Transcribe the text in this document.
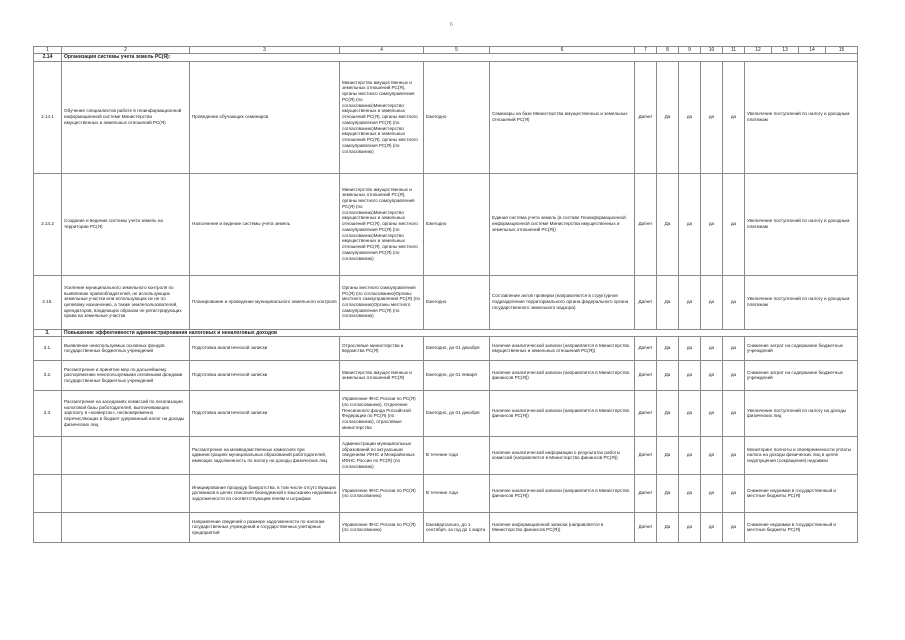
6
1	2	3	4	5	6	7	8	9	10	11	12	13	14	15
2.14	Организация системы учета земель РС(Я):													
2.14.1	Обучение специалистов работе в геоинформационной информационной системе Министерства имущественных и земельных отношений РС(Я)	Проведение обучающих семинаров	Министерство имущественных и земельных отношений РС(Я), органы местного самоуправления РС(Я) (по согласованию)Министерство имущественных и земельных отношений РС(Я), органы местного самоуправления РС(Я) (по согласованию)Министерство имущественных и земельных отношений РС(Я), органы местного самоуправления РС(Я) (по согласованию)	Ежегодно	Семинары на базе Министерства имущественных и земельных отношений РС(Я)	Да/нет	Да	да	да	да	Увеличение поступлений по налогу и доходным платежам			
2.14.2	Создание и ведение системы учета земель на территории РС(Я)	Наполнение и ведение системы учета земель	Министерство имущественных и земельных отношений РС(Я), органы местного самоуправления РС(Я) (по согласованию)Министерство имущественных и земельных отношений РС(Я), органы местного самоуправления РС(Я) (по согласованию)Министерство имущественных и земельных отношений РС(Я), органы местного самоуправления РС(Я) (по согласованию)	Ежегодно	Единая система учета земель (в составе Геоинформационной информационной системе Министерства имущественных и земельных отношений РС(Я))	Да/нет	Да	да	да	да	Увеличение поступлений по налогу и доходным платежам			
2.15.	Усиление муниципального земельного контроля по выявлению правообладателей, не использующих земельные участки или использующих их не по целевому назначению, а также землепользователей, арендаторов, владеющих образом не регистрирующих права на земельные участки	Планирование и проведение муниципального земельного контроля	Органы местного самоуправления РС(Я) (по согласованию)Органы местного самоуправления РС(Я) (по согласованию)Органы местного самоуправления РС(Я) (по согласованию)	Ежегодно	Составление актов проверки (направляются в структурное подразделение территориального органа федерального органа государственного земельного надзора)	Да/нет	Да	да	да	да	Увеличение поступлений по налогу и доходным платежам			
3.	Повышение эффективности администрирования налоговых и неналоговых доходов													
3.1.	Выявление неиспользуемых основных фондов государственных бюджетных учреждений	Подготовка аналитической записки	Отраслевые министерства и ведомства РС(Я)	Ежегодно, до 01 декабря	Наличие аналитической записки (направляется в Министерство имущественных и земельных отношений РС(Я))	Да/нет	Да	да	да	да	Снижение затрат на содержание бюджетных учреждений			
3.2.	Рассмотрение и принятие мер по дальнейшему распоряжению неиспользуемыми основными фондами государственных бюджетных учреждений	Подготовка аналитической записки	Министерство имущественных и земельных отношений РС(Я)	Ежегодно, до 01 января	Наличие аналитической записки (направляется в Министерство финансов РС(Я))	Да/нет	Да	да	да	да	Снижение затрат на содержание бюджетных учреждений			
3.3.	Рассмотрение на заседаниях комиссий по легализации налоговой базы работодателей, выплачивающих зарплату в «конвертах», несвоевременно перечисляющих в бюджет удержанный налог на доходы физических лиц	Подготовка аналитической записки	Управление ФНС России по РС(Я) (по согласованию), Отделение Пенсионного фонда Российской Федерации по РС(Я) (по согласованию), отраслевые министерства	Ежегодно, до 01 декабря	Наличие аналитической записки (направляется в Министерство финансов РС(Я))	Да/нет	Да	да	да	да	Увеличение поступлений по налогу на доходы физических лиц			
		Рассмотрение на межведомственных комиссиях при администрациях муниципальных образований работодателей, имеющих задолженность по налогу на доходы физических лиц	Администрации муниципальных образований по актуальным сведениям УФНС и Межрайонных ИФНС России по РС(Я) (по согласованию)	В течение года	Наличие аналитической информации о результатах работы комиссий (направляется в Министерство финансов РС(Я))	Да/нет	Да	да	да	да	Мониторинг полноты и своевременности уплаты налога на доходы физических лиц в целях недопущения (сокращения) недоимки			
		Инициирование процедур банкротства, в том числе отсутствующих должников в целях списания безнадежной к взысканию недоимки и задолженности по соответствующим пеням и штрафам	Управление ФНС России по РС(Я) (по согласованию)	В течение года	Наличие аналитической записки (направляется в Министерство финансов РС(Я))	Да/нет	Да	да	да	да	Снижение недоимки в государственный и местные бюджеты РС(Я)			
		Направление сведений о размере задолженности по налогам государственных учреждений и государственных унитарных предприятий	Управление ФНС России по РС(Я) (по согласованию)	Ежеквартально, до 1 сентября, за год до 1 марта	Наличие информационной записки (направляется в Министерство финансов РС(Я))	Да/нет	Да	да	да	да	Снижение недоимки в государственный и местные бюджеты РС(Я)			
